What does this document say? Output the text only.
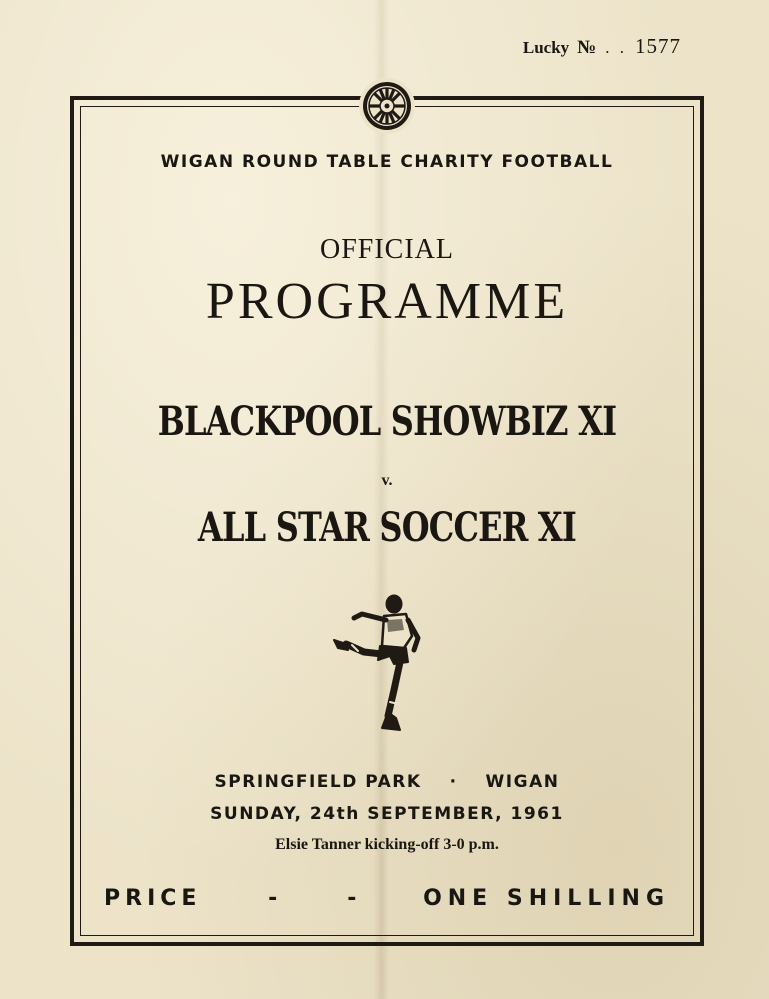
Lucky № . . 1577
WIGAN ROUND TABLE CHARITY FOOTBALL
OFFICIAL
PROGRAMME
BLACKPOOL SHOWBIZ XI
v.
ALL STAR SOCCER XI
SPRINGFIELD PARK · WIGAN
SUNDAY, 24th SEPTEMBER, 1961
Elsie Tanner kicking-off 3-0 p.m.
PRICE	-	-	ONE SHILLING
